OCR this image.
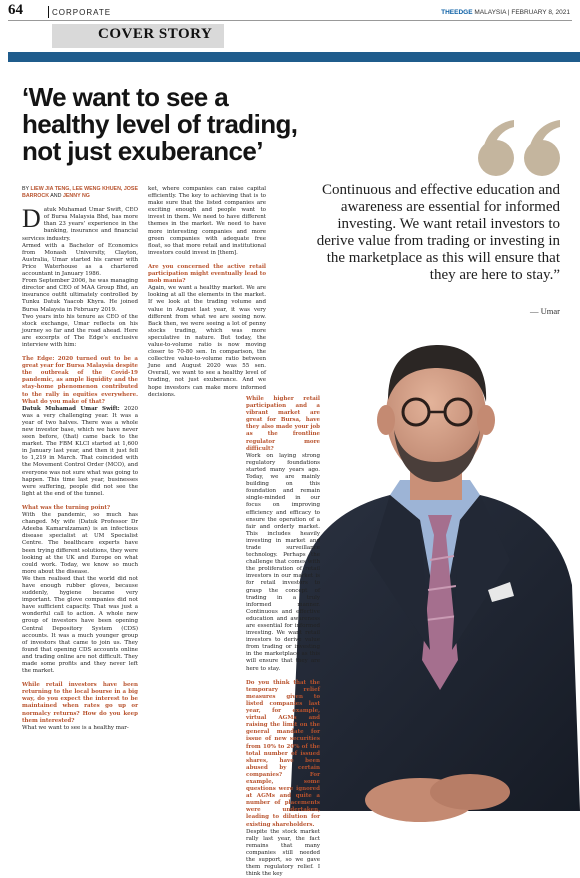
64	CORPORATE	THEEDGE MALAYSIA | FEBRUARY 8, 2021
COVER STORY
‘We want to see a healthy level of trading, not just exuberance’
Continuous and effective education and awareness are essential for informed investing. We want retail investors to derive value from trading or investing in the marketplace as this will ensure that they are here to stay.”
— Umar
BY LIEW JIA TENG, LEE WENG KHUEN, JOSE BARROCK AND JENNY NG

Datuk Muhamad Umar Swift, CEO of Bursa Malaysia Bhd, has more than 23 years’ experience in the banking, insurance and financial services industry.

Armed with a Bachelor of Economics from Monash University, Clayton, Australia, Umar started his career with Price Waterhouse as a chartered accountant in January 1986.

From September 2006, he was managing director and CEO of MAA Group Bhd, an insurance outfit ultimately controlled by Tunku Datuk Yaacob Khyra. He joined Bursa Malaysia in February 2019.

Two years into his tenure as CEO of the stock exchange, Umar reflects on his journey so far and the road ahead. Here are excerpts of The Edge’s exclusive interview with him:

The Edge: 2020 turned out to be a great year for Bursa Malaysia despite the outbreak of the Covid-19 pandemic, as ample liquidity and the stay-home phenomenon contributed to the rally in equities everywhere. What do you make of that?

Datuk Muhamad Umar Swift: 2020 was a very challenging year. It was a year of two halves. There was a whole new investor base, which we have never seen before, (that) came back to the market. The FBM KLCI started at 1,600 in January last year, and then it just fell to 1,219 in March. That coincided with the Movement Control Order (MCO), and everyone was not sure what was going to happen. This time last year, businesses were suffering, people did not see the light at the end of the tunnel.

What was the turning point?

With the pandemic, so much has changed. My wife (Datuk Professor Dr Adeeba Kamarulzaman) is an infectious disease specialist at UM Specialist Centre. The healthcare experts have been trying different solutions, they were looking at the UK and Europe on what could work. Today, we know so much more about the disease.

We then realised that the world did not have enough rubber gloves, because suddenly, hygiene became very important. The glove companies did not have sufficient capacity. That was just a wonderful call to action. A whole new group of investors have been opening Central Depository System (CDS) accounts. It was a much younger group of investors that came to join us. They found that opening CDS accounts online and trading online are not difficult. They made some profits and they never left the market.

While retail investors have been returning to the local bourse in a big way, do you expect the interest to be maintained when rates go up or normalcy returns? How do you keep them interested?

What we want to see is a healthy mar-

ket, where companies can raise capital efficiently. The key to achieving that is to make sure that the listed companies are exciting enough and people want to invest in them. We need to have different themes in the market. We need to have more interesting companies and more green companies with adequate free float, so that more retail and institutional investors could invest in [them].

Are you concerned the active retail participation might eventually lead to mob mania?

Again, we want a healthy market. We are looking at all the elements in the market. If we look at the trading volume and value in August last year, it was very different from what we are seeing now. Back then, we were seeing a lot of penny stocks trading, which was more speculative in nature. But today, the value-to-volume ratio is now moving closer to 70-80 sen. In comparison, the collective value-to-volume ratio between June and August 2020 was 55 sen. Overall, we want to see a healthy level of trading, not just exuberance. And we hope investors can make more informed decisions.

While higher retail participation and a vibrant market are great for Bursa, have they also made your job as the frontline regulator more difficult?

Work on laying strong regulatory foundations started many years ago. Today, we are mainly building on this foundation and remain single-minded in our focus on improving efficiency and efficacy to ensure the operation of a fair and orderly market. This includes heavily investing in market and trade surveillance technology. Perhaps the challenge that comes with the proliferation of retail investors in our market is for retail investors to grasp the concept of trading in a truly informed manner. Continuous and effective education and awareness are essential for informed investing. We want retail investors to derive value from trading or investing in the marketplace as this will ensure that they are here to stay.

Do you think that the temporary relief measures given to listed companies last year, for example, virtual AGMs and raising the limit on the general mandate for issue of new securities from 10% to 20% of the total number of issued shares, have been abused by certain companies? For example, some questions were ignored at AGMs and quite a number of placements were undertaken, leading to dilution for existing shareholders.

Despite the stock market rally last year, the fact remains that many companies still needed the support, so we gave them regulatory relief. I think the key
